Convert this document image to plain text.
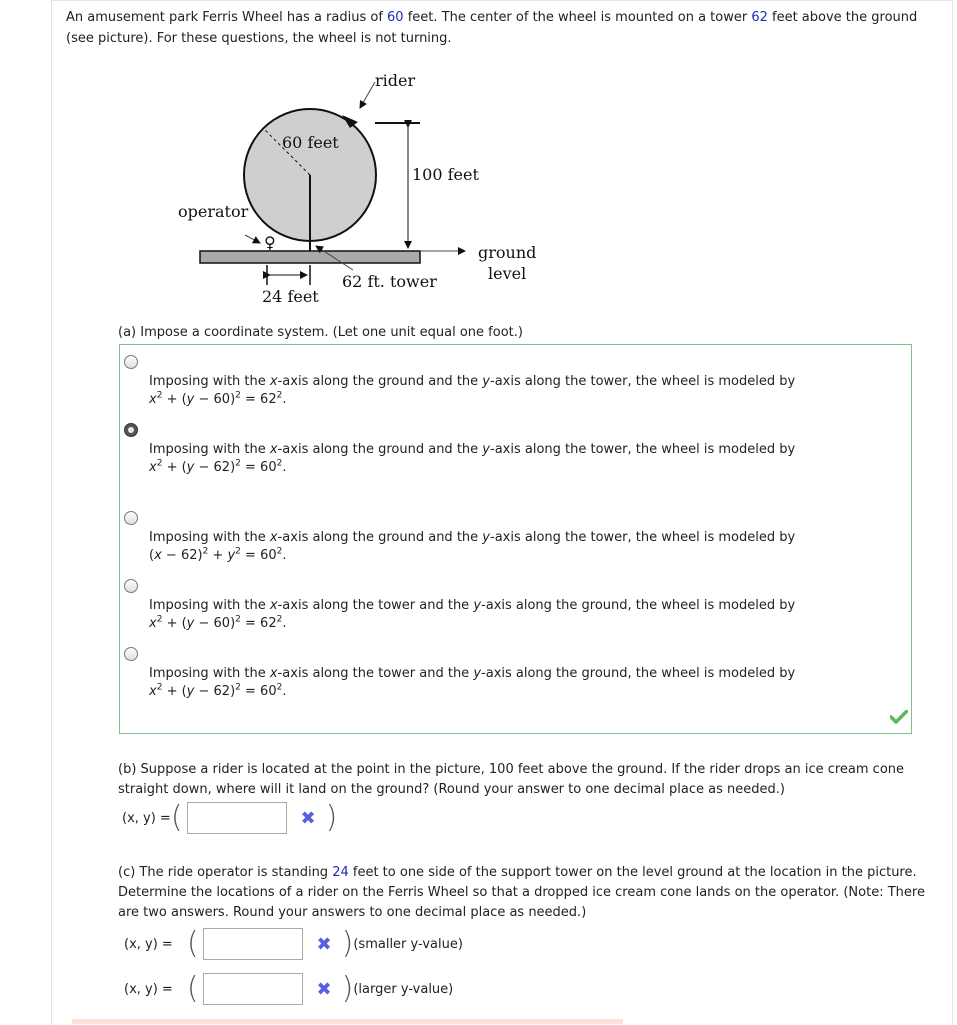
An amusement park Ferris Wheel has a radius of 60 feet. The center of the wheel is mounted on a tower 62 feet above the ground (see picture). For these questions, the wheel is not turning.
♀
rider
60 feet
100 feet
operator
ground
level
62 ft. tower
24 feet
(a) Impose a coordinate system. (Let one unit equal one foot.)
Imposing with the x-axis along the ground and the y-axis along the tower, the wheel is modeled by
$x^2 + (y - 60)^2 = 62^2$.
Imposing with the x-axis along the ground and the y-axis along the tower, the wheel is modeled by
$x^2 + (y - 62)^2 = 60^2$.
Imposing with the x-axis along the ground and the y-axis along the tower, the wheel is modeled by
$(x - 62)^2 + y^2 = 60^2$.
Imposing with the x-axis along the tower and the y-axis along the ground, the wheel is modeled by
$x^2 + (y - 60)^2 = 62^2$.
Imposing with the x-axis along the tower and the y-axis along the ground, the wheel is modeled by
$x^2 + (y - 62)^2 = 60^2$.
(b) Suppose a rider is located at the point in the picture, 100 feet above the ground. If the rider drops an ice cream cone straight down, where will it land on the ground? (Round your answer to one decimal place as needed.)
(x, y) = (	✖ )
(c) The ride operator is standing 24 feet to one side of the support tower on the level ground at the location in the picture. Determine the locations of a rider on the Ferris Wheel so that a dropped ice cream cone lands on the operator. (Note: There are two answers. Round your answers to one decimal place as needed.)
(x, y) = (	✖ ) (smaller y-value)
(x, y) = (	✖ ) (larger y-value)
